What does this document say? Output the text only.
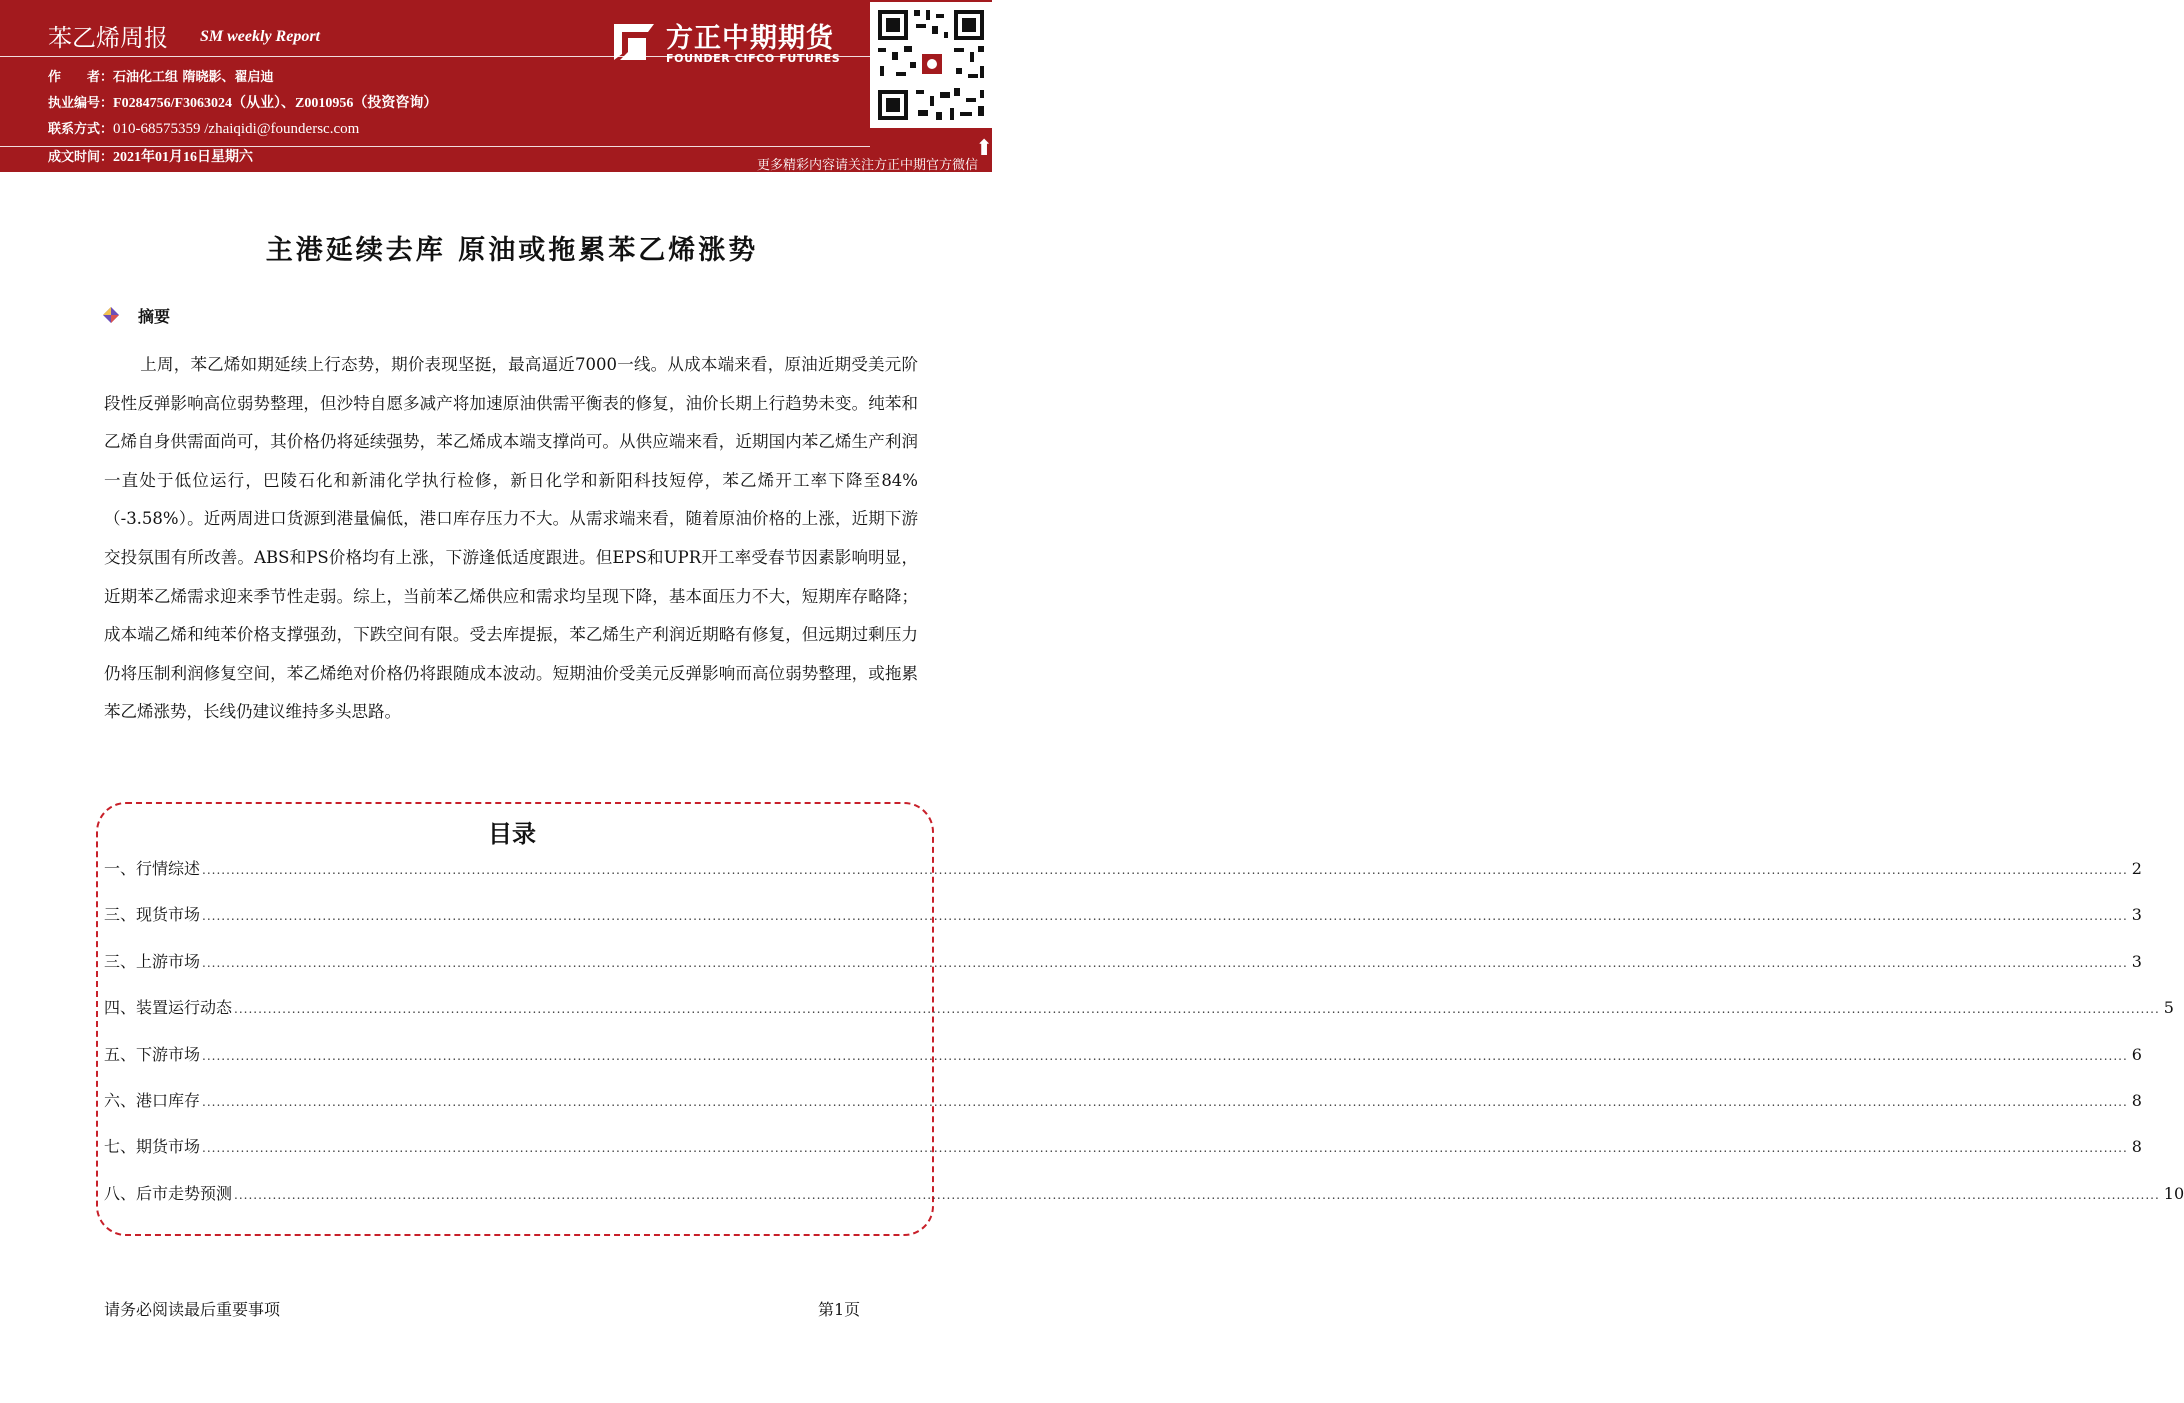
苯乙烯周报 SM weekly Report
作　　者：石油化工组 隋晓影、翟启迪
执业编号：F0284756/F3063024（从业）、Z0010956（投资咨询）
联系方式：010-68575359 /zhaiqidi@foundersc.com
成文时间：2021年01月16日星期六
方正中期期货
FOUNDER CIFCO FUTURES
更多精彩内容请关注方正中期官方微信
⬆
主港延续去库 原油或拖累苯乙烯涨势
摘要

上周，苯乙烯如期延续上行态势，期价表现坚挺，最高逼近7000一线。从成本端来看，原油近期受美元阶段性反弹影响高位弱势整理，但沙特自愿多减产将加速原油供需平衡表的修复，油价长期上行趋势未变。纯苯和乙烯自身供需面尚可，其价格仍将延续强势，苯乙烯成本端支撑尚可。从供应端来看，近期国内苯乙烯生产利润一直处于低位运行，巴陵石化和新浦化学执行检修，新日化学和新阳科技短停，苯乙烯开工率下降至84%（-3.58%）。近两周进口货源到港量偏低，港口库存压力不大。从需求端来看，随着原油价格的上涨，近期下游交投氛围有所改善。ABS和PS价格均有上涨，下游逢低适度跟进。但EPS和UPR开工率受春节因素影响明显，近期苯乙烯需求迎来季节性走弱。综上，当前苯乙烯供应和需求均呈现下降，基本面压力不大，短期库存略降；成本端乙烯和纯苯价格支撑强劲，下跌空间有限。受去库提振，苯乙烯生产利润近期略有修复，但远期过剩压力仍将压制利润修复空间，苯乙烯绝对价格仍将跟随成本波动。短期油价受美元反弹影响而高位弱势整理，或拖累苯乙烯涨势，长线仍建议维持多头思路。

目录
一、行情综述 ................................................................................................................................................................................................................................................................................................................................................................................................................ 2
三、现货市场 ................................................................................................................................................................................................................................................................................................................................................................................................................ 3
三、上游市场 ................................................................................................................................................................................................................................................................................................................................................................................................................ 3
四、装置运行动态 ................................................................................................................................................................................................................................................................................................................................................................................................................ 5
五、下游市场 ................................................................................................................................................................................................................................................................................................................................................................................................................ 6
六、港口库存 ................................................................................................................................................................................................................................................................................................................................................................................................................ 8
七、期货市场 ................................................................................................................................................................................................................................................................................................................................................................................................................ 8
八、后市走势预测 ................................................................................................................................................................................................................................................................................................................................................................................................................ 10
请务必阅读最后重要事项	第1页
